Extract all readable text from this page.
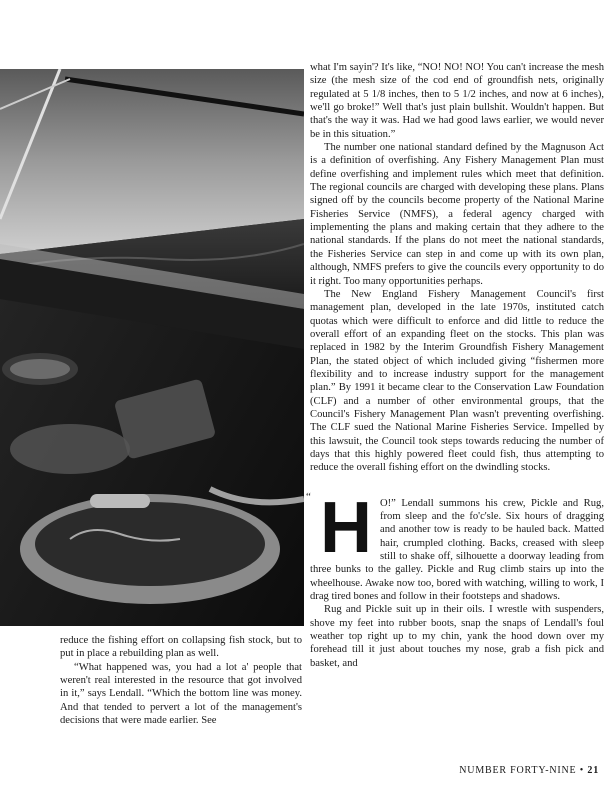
what I'm sayin'? It's like, “NO! NO! NO! You can't increase the mesh size (the mesh size of the cod end of groundfish nets, originally regulated at 5 1/8 inches, then to 5 1/2 inches, and now at 6 inches), we'll go broke!” Well that's just plain bullshit. Wouldn't happen. But that's the way it was. Had we had good laws earlier, we would never be in this situation.”

The number one national standard defined by the Magnuson Act is a definition of overfishing. Any Fishery Management Plan must define overfishing and implement rules which meet that definition. The regional councils are charged with developing these plans. Plans signed off by the councils become property of the National Marine Fisheries Service (NMFS), a federal agency charged with implementing the plans and making certain that they adhere to the national standards. If the plans do not meet the national standards, the Fisheries Service can step in and come up with its own plan, although, NMFS prefers to give the councils every opportunity to do it right. Too many opportunities perhaps.

The New England Fishery Management Council's first management plan, developed in the late 1970s, instituted catch quotas which were difficult to enforce and did little to reduce the overall effort of an expanding fleet on the stocks. This plan was replaced in 1982 by the Interim Groundfish Fishery Management Plan, the stated object of which included giving “fishermen more flexibility and to increase industry support for the management plan.” By 1991 it became clear to the Conservation Law Foundation (CLF) and a number of other environmental groups, that the Council's Fishery Management Plan wasn't preventing overfishing. The CLF sued the National Marine Fisheries Service. Impelled by this lawsuit, the Council took steps towards reducing the number of days that this highly powered fleet could fish, thus attempting to reduce the overall fishing effort on the dwindling stocks.

“ H O!” Lendall summons his crew, Pickle and Rug, from sleep and the fo'c'sle. Six hours of dragging and another tow is ready to be hauled back. Matted hair, crumpled clothing. Backs, creased with sleep still to shake off, silhouette a doorway leading from three bunks to the galley. Pickle and Rug climb stairs up into the wheelhouse. Awake now too, bored with watching, willing to work, I drag tired bones and follow in their footsteps and shadows.

Rug and Pickle suit up in their oils. I wrestle with suspenders, shove my feet into rubber boots, snap the snaps of Lendall's foul weather top right up to my chin, yank the hood down over my forehead till it just about touches my nose, grab a fish pick and basket, and

reduce the fishing effort on collapsing fish stock, but to put in place a rebuilding plan as well.

“What happened was, you had a lot a' people that weren't real interested in the resource that got involved in it,” says Lendall. “Which the bottom line was money. And that tended to pervert a lot of the management's decisions that were made earlier. See

NUMBER FORTY-NINE • 21
